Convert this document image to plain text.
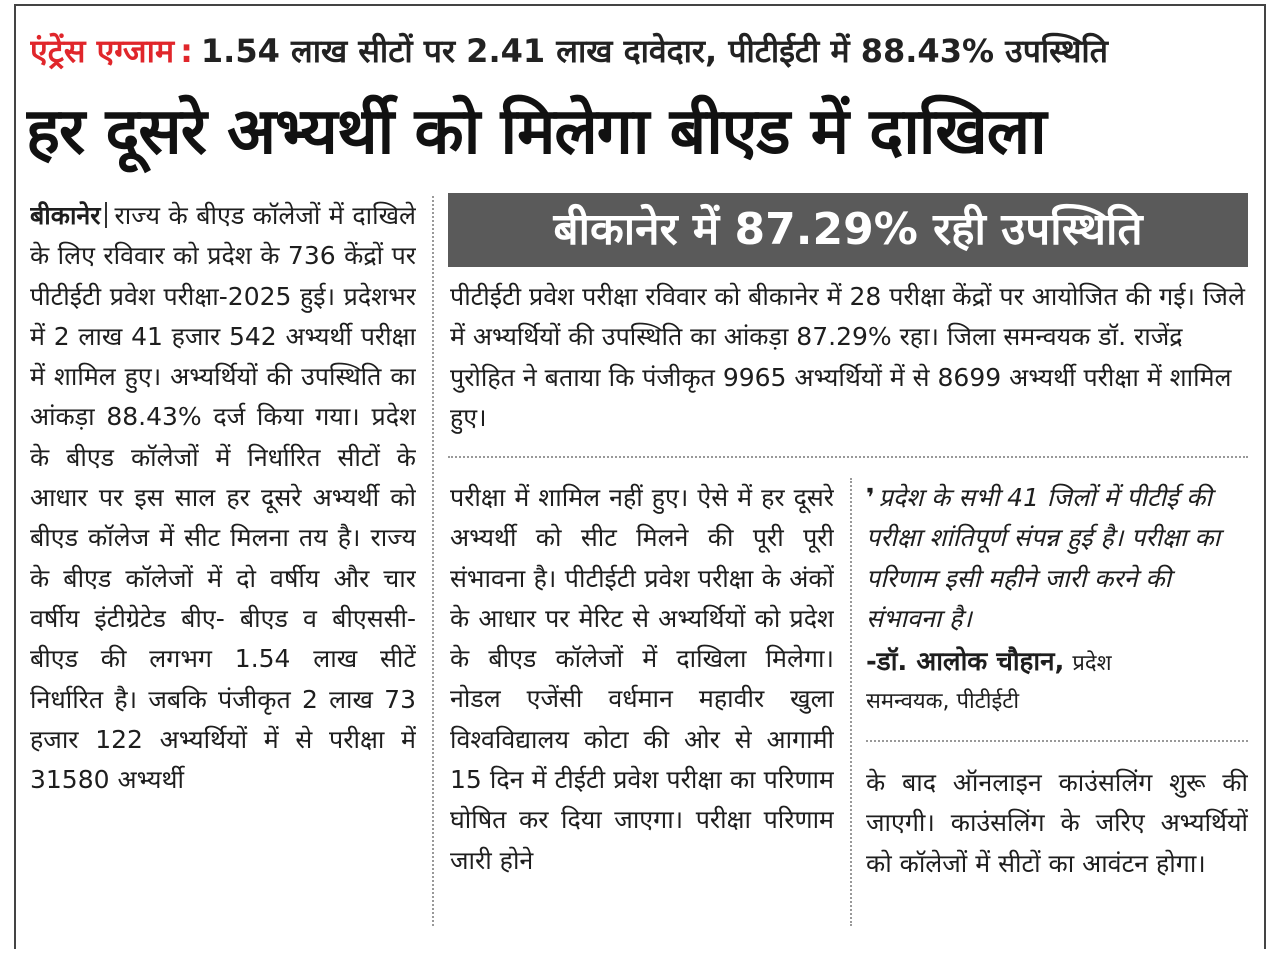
एंट्रेंस एग्जाम : 1.54 लाख सीटों पर 2.41 लाख दावेदार, पीटीईटी में 88.43% उपस्थिति
हर दूसरे अभ्यर्थी को मिलेगा बीएड में दाखिला

बीकानेर राज्य के बीएड कॉलेजों में दाखिले के लिए रविवार को प्रदेश के 736 केंद्रों पर पीटीईटी प्रवेश परीक्षा-2025 हुई। प्रदेशभर में 2 लाख 41 हजार 542 अभ्यर्थी परीक्षा में शामिल हुए। अभ्यर्थियों की उपस्थिति का आंकड़ा 88.43% दर्ज किया गया। प्रदेश के बीएड कॉलेजों में निर्धारित सीटों के आधार पर इस साल हर दूसरे अभ्यर्थी को बीएड कॉलेज में सीट मिलना तय है। राज्य के बीएड कॉलेजों में दो वर्षीय और चार वर्षीय इंटीग्रेटेड बीए- बीएड व बीएससी- बीएड की लगभग 1.54 लाख सीटें निर्धारित है। जबकि पंजीकृत 2 लाख 73 हजार 122 अभ्यर्थियों में से परीक्षा में 31580 अभ्यर्थी

बीकानेर में 87.29% रही उपस्थिति

पीटीईटी प्रवेश परीक्षा रविवार को बीकानेर में 28 परीक्षा केंद्रों पर आयोजित की गई। जिले में अभ्यर्थियों की उपस्थिति का आंकड़ा 87.29% रहा। जिला समन्वयक डॉ. राजेंद्र पुरोहित ने बताया कि पंजीकृत 9965 अभ्यर्थियों में से 8699 अभ्यर्थी परीक्षा में शामिल हुए।

परीक्षा में शामिल नहीं हुए। ऐसे में हर दूसरे अभ्यर्थी को सीट मिलने की पूरी पूरी संभावना है। पीटीईटी प्रवेश परीक्षा के अंकों के आधार पर मेरिट से अभ्यर्थियों को प्रदेश के बीएड कॉलेजों में दाखिला मिलेगा। नोडल एजेंसी वर्धमान महावीर खुला विश्वविद्यालय कोटा की ओर से आगामी 15 दिन में टीईटी प्रवेश परीक्षा का परिणाम घोषित कर दिया जाएगा। परीक्षा परिणाम जारी होने

❜ प्रदेश के सभी 41 जिलों में पीटीई की परीक्षा शांतिपूर्ण संपन्न हुई है। परीक्षा का परिणाम इसी महीने जारी करने की संभावना है।
-डॉ. आलोक चौहान, प्रदेश
समन्वयक, पीटीईटी

के बाद ऑनलाइन काउंसलिंग शुरू की जाएगी। काउंसलिंग के जरिए अभ्यर्थियों को कॉलेजों में सीटों का आवंटन होगा।
